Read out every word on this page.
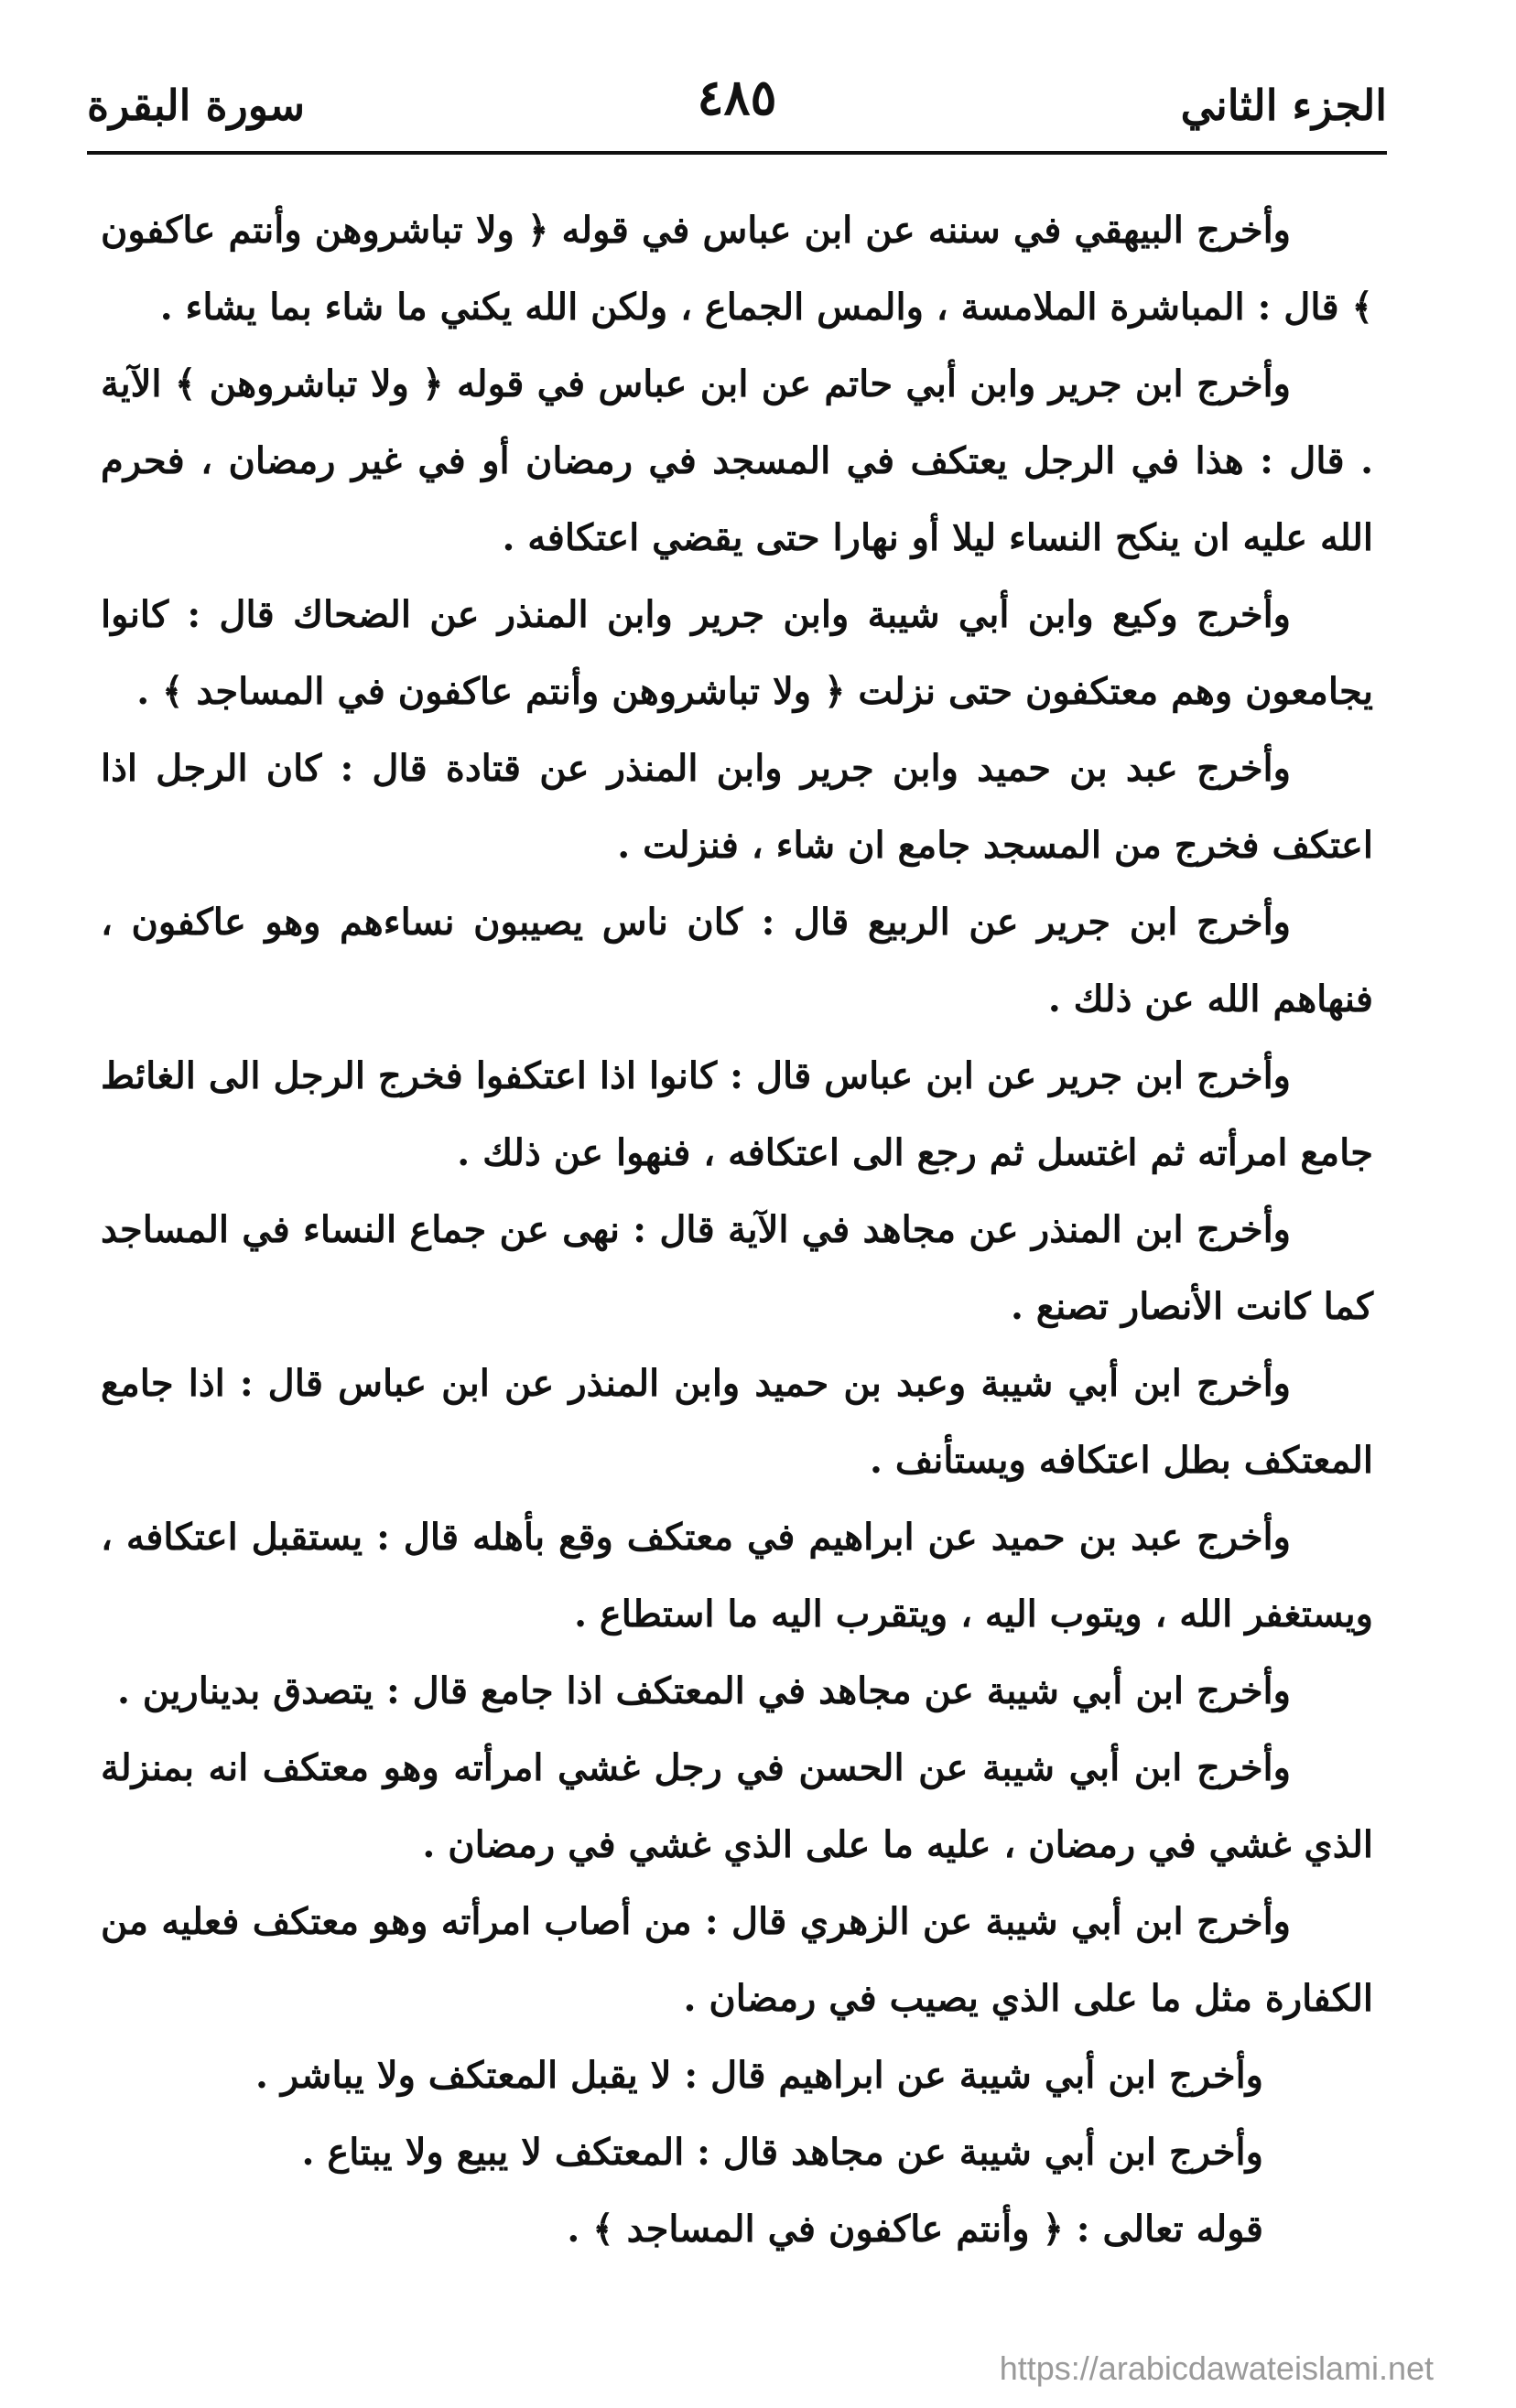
الجزء الثاني
٤٨٥
سورة البقرة

وأخرج البيهقي في سننه عن ابن عباس في قوله ﴿ ولا تباشروهن وأنتم عاكفون ﴾ قال : المباشرة الملامسة ، والمس الجماع ، ولكن الله يكني ما شاء بما يشاء .

وأخرج ابن جرير وابن أبي حاتم عن ابن عباس في قوله ﴿ ولا تباشروهن ﴾ الآية . قال : هذا في الرجل يعتكف في المسجد في رمضان أو في غير رمضان ، فحرم الله عليه ان ينكح النساء ليلا أو نهارا حتى يقضي اعتكافه .

وأخرج وكيع وابن أبي شيبة وابن جرير وابن المنذر عن الضحاك قال : كانوا يجامعون وهم معتكفون حتى نزلت ﴿ ولا تباشروهن وأنتم عاكفون في المساجد ﴾ .

وأخرج عبد بن حميد وابن جرير وابن المنذر عن قتادة قال : كان الرجل اذا اعتكف فخرج من المسجد جامع ان شاء ، فنزلت .

وأخرج ابن جرير عن الربيع قال : كان ناس يصيبون نساءهم وهو عاكفون ، فنهاهم الله عن ذلك .

وأخرج ابن جرير عن ابن عباس قال : كانوا اذا اعتكفوا فخرج الرجل الى الغائط جامع امرأته ثم اغتسل ثم رجع الى اعتكافه ، فنهوا عن ذلك .

وأخرج ابن المنذر عن مجاهد في الآية قال : نهى عن جماع النساء في المساجد كما كانت الأنصار تصنع .

وأخرج ابن أبي شيبة وعبد بن حميد وابن المنذر عن ابن عباس قال : اذا جامع المعتكف بطل اعتكافه ويستأنف .

وأخرج عبد بن حميد عن ابراهيم في معتكف وقع بأهله قال : يستقبل اعتكافه ، ويستغفر الله ، ويتوب اليه ، ويتقرب اليه ما استطاع .

وأخرج ابن أبي شيبة عن مجاهد في المعتكف اذا جامع قال : يتصدق بدينارين .

وأخرج ابن أبي شيبة عن الحسن في رجل غشي امرأته وهو معتكف انه بمنزلة الذي غشي في رمضان ، عليه ما على الذي غشي في رمضان .

وأخرج ابن أبي شيبة عن الزهري قال : من أصاب امرأته وهو معتكف فعليه من الكفارة مثل ما على الذي يصيب في رمضان .

وأخرج ابن أبي شيبة عن ابراهيم قال : لا يقبل المعتكف ولا يباشر .

وأخرج ابن أبي شيبة عن مجاهد قال : المعتكف لا يبيع ولا يبتاع .

قوله تعالى : ﴿ وأنتم عاكفون في المساجد ﴾ .

https://arabicdawateislami.net
